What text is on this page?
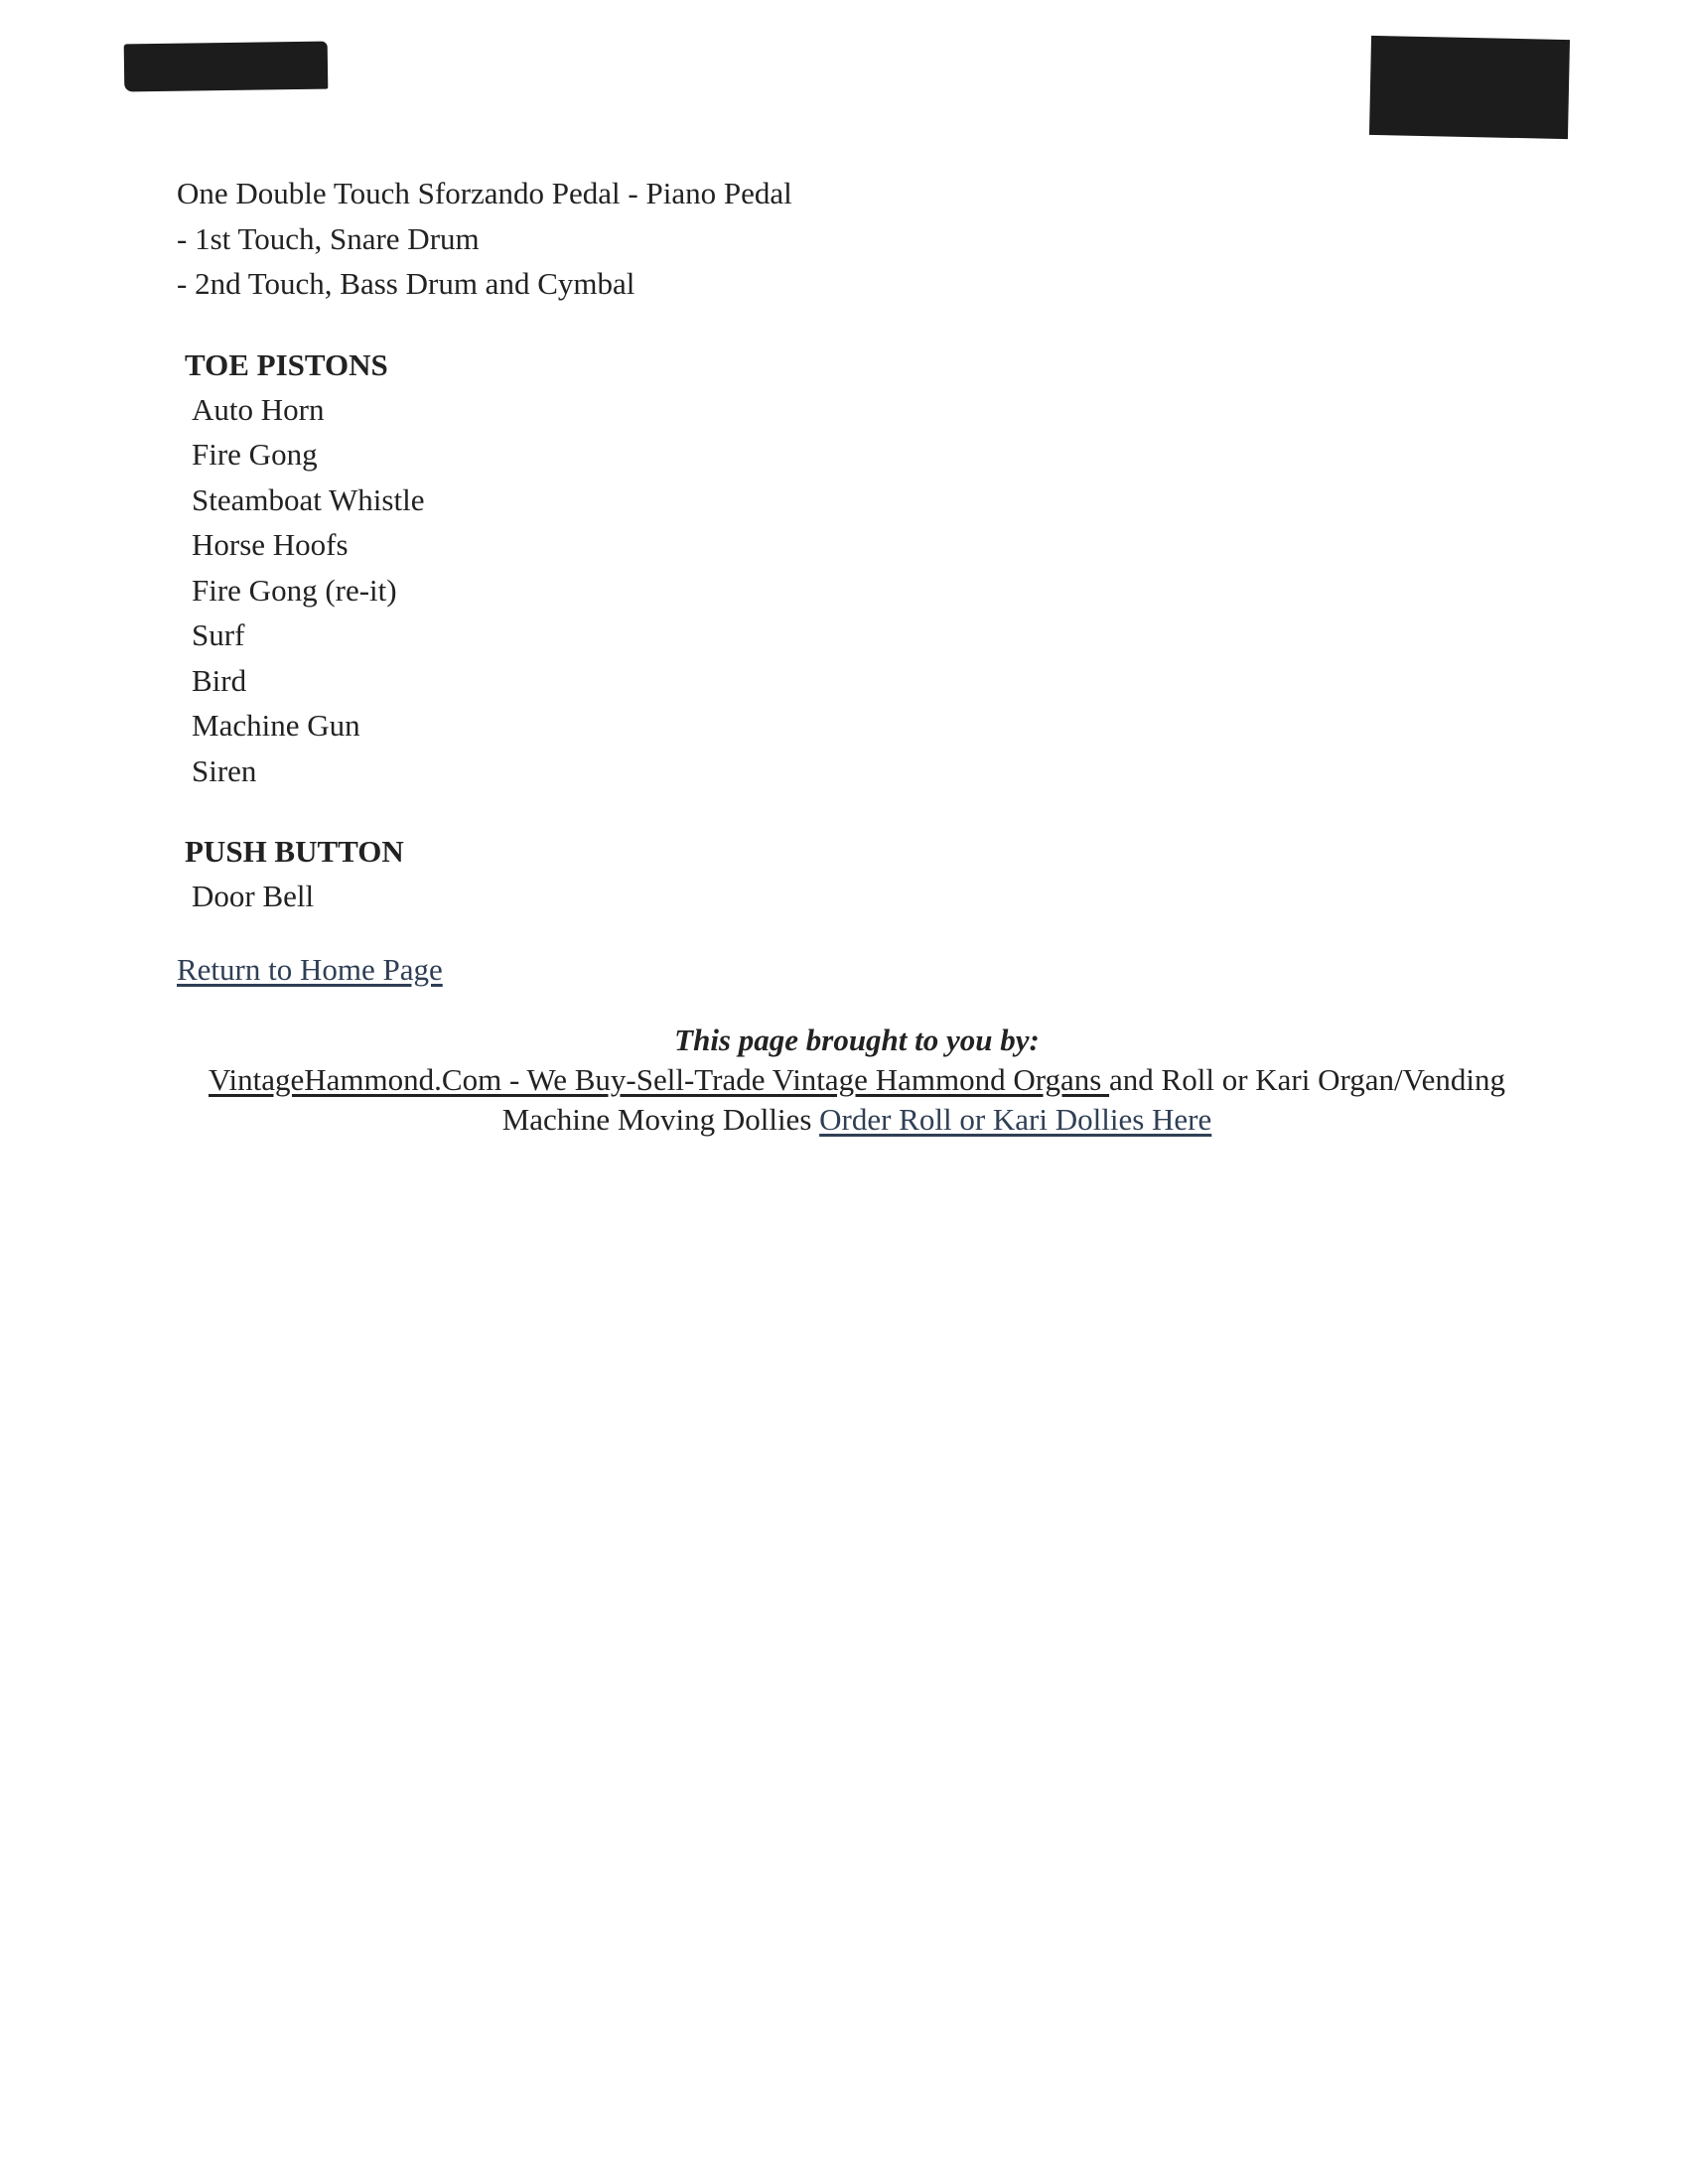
One Double Touch Sforzando Pedal - Piano Pedal
- 1st Touch, Snare Drum
- 2nd Touch, Bass Drum and Cymbal
TOE PISTONS
Auto Horn
Fire Gong
Steamboat Whistle
Horse Hoofs
Fire Gong (re-it)
Surf
Bird
Machine Gun
Siren
PUSH BUTTON
Door Bell
Return to Home Page
This page brought to you by:
VintageHammond.Com - We Buy-Sell-Trade Vintage Hammond Organs and Roll or Kari Organ/Vending Machine Moving Dollies Order Roll or Kari Dollies Here
